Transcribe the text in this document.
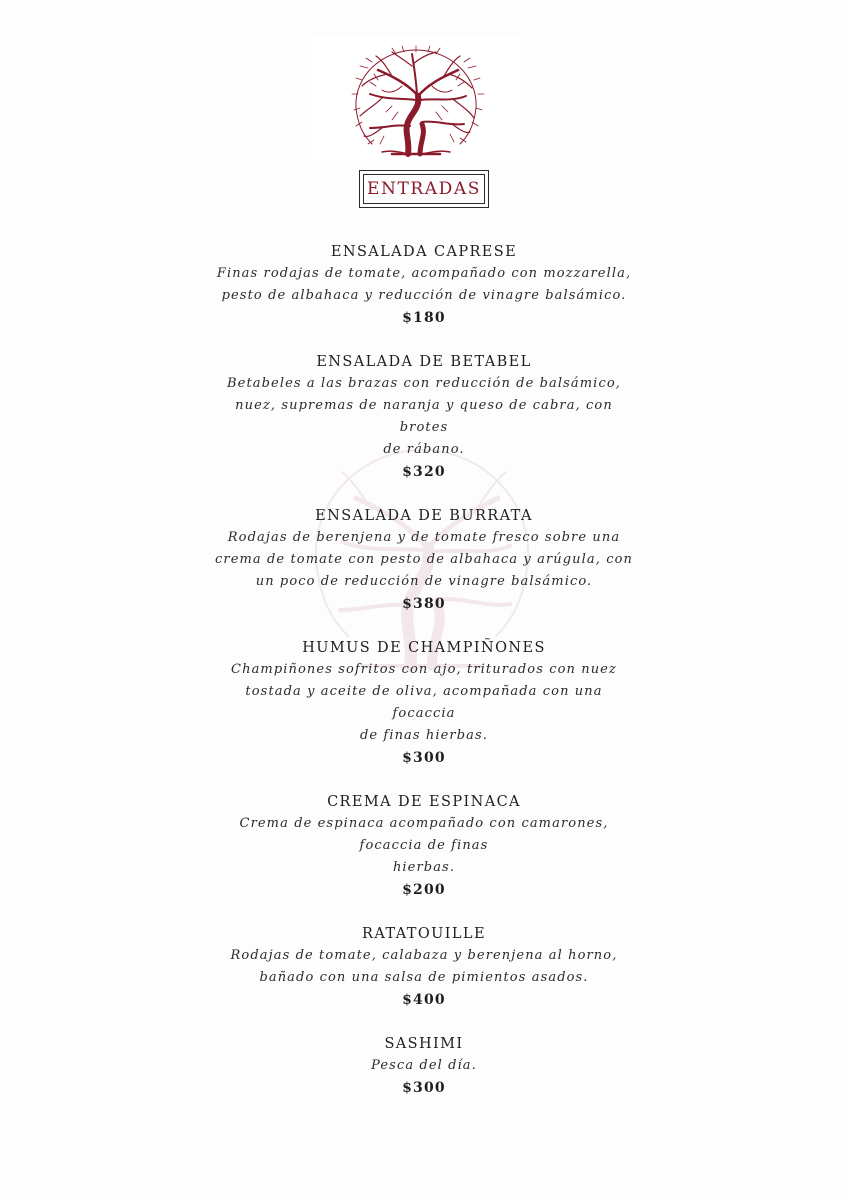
ENTRADAS
ENSALADA CAPRESE
Finas rodajas de tomate, acompañado con mozzarella,
pesto de albahaca y reducción de vinagre balsámico.
$180
ENSALADA DE BETABEL
Betabeles a las brazas con reducción de balsámico,
nuez, supremas de naranja y queso de cabra, con brotes
de rábano.
$320
ENSALADA DE BURRATA
Rodajas de berenjena y de tomate fresco sobre una
crema de tomate con pesto de albahaca y arúgula, con
un poco de reducción de vinagre balsámico.
$380
HUMUS DE CHAMPIÑONES
Champiñones sofritos con ajo, triturados con nuez
tostada y aceite de oliva, acompañada con una focaccia
de finas hierbas.
$300
CREMA DE ESPINACA
Crema de espinaca acompañado con camarones,
focaccia de finas
hierbas.
$200
RATATOUILLE
Rodajas de tomate, calabaza y berenjena al horno,
bañado con una salsa de pimientos asados.
$400
SASHIMI
Pesca del día.
$300
